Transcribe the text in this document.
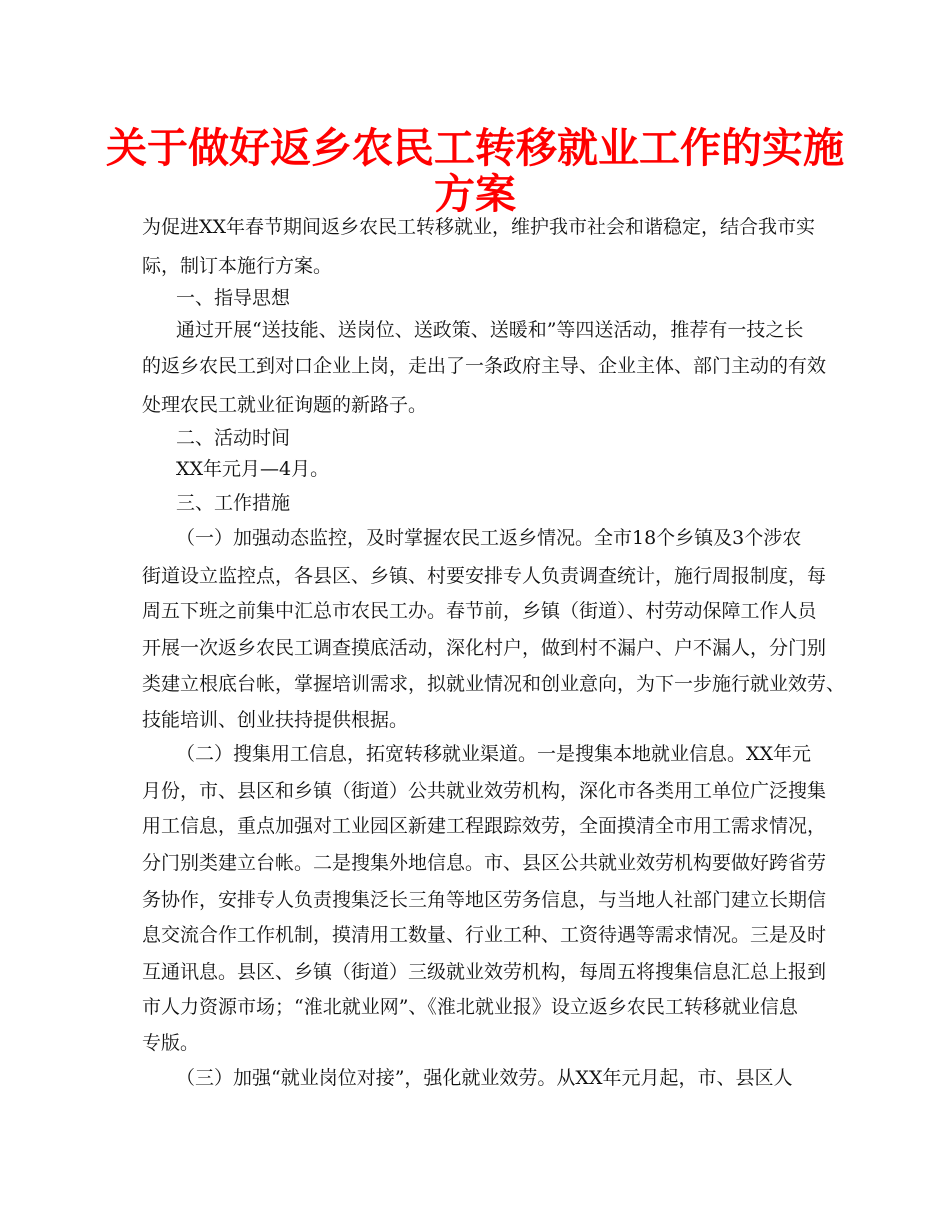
关于做好返乡农民工转移就业工作的实施
方案

为促进XX年春节期间返乡农民工转移就业，维护我市社会和谐稳定，结合我市实

际，制订本施行方案。

一、指导思想

通过开展“送技能、送岗位、送政策、送暖和”等四送活动，推荐有一技之长

的返乡农民工到对口企业上岗，走出了一条政府主导、企业主体、部门主动的有效

处理农民工就业征询题的新路子。

二、活动时间

XX年元月—4月。

三、工作措施

（一）加强动态监控，及时掌握农民工返乡情况。全市18个乡镇及3个涉农

街道设立监控点，各县区、乡镇、村要安排专人负责调查统计，施行周报制度，每

周五下班之前集中汇总市农民工办。春节前，乡镇（街道）、村劳动保障工作人员

开展一次返乡农民工调查摸底活动，深化村户，做到村不漏户、户不漏人，分门别

类建立根底台帐，掌握培训需求，拟就业情况和创业意向，为下一步施行就业效劳、

技能培训、创业扶持提供根据。

（二）搜集用工信息，拓宽转移就业渠道。一是搜集本地就业信息。XX年元

月份，市、县区和乡镇（街道）公共就业效劳机构，深化市各类用工单位广泛搜集

用工信息，重点加强对工业园区新建工程跟踪效劳，全面摸清全市用工需求情况，

分门别类建立台帐。二是搜集外地信息。市、县区公共就业效劳机构要做好跨省劳

务协作，安排专人负责搜集泛长三角等地区劳务信息，与当地人社部门建立长期信

息交流合作工作机制，摸清用工数量、行业工种、工资待遇等需求情况。三是及时

互通讯息。县区、乡镇（街道）三级就业效劳机构，每周五将搜集信息汇总上报到

市人力资源市场；“淮北就业网”、《淮北就业报》设立返乡农民工转移就业信息

专版。

（三）加强“就业岗位对接”，强化就业效劳。从XX年元月起，市、县区人
